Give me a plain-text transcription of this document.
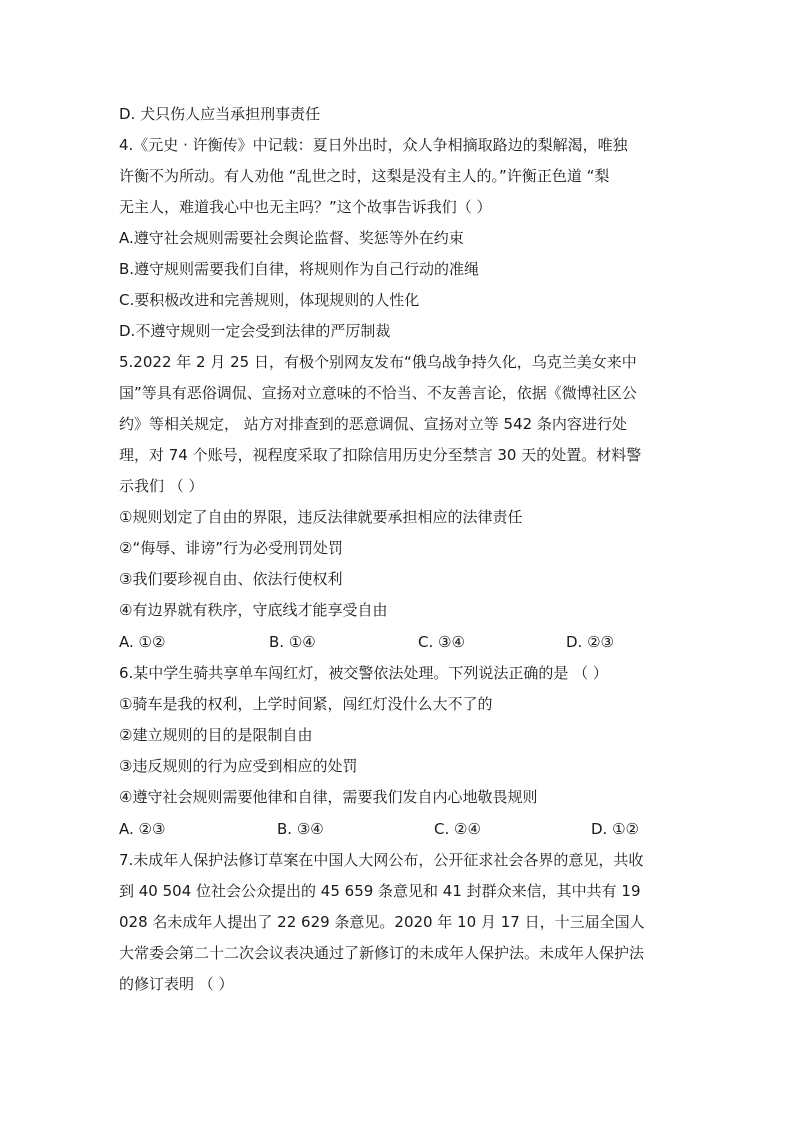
D. 犬只伤人应当承担刑事责任
4.《元史 · 许衡传》中记载：夏日外出时，众人争相摘取路边的梨解渴，唯独
许衡不为所动。有人劝他 “乱世之时，这梨是没有主人的。”许衡正色道 “梨
无主人，难道我心中也无主吗？”这个故事告诉我们（ ）
A.遵守社会规则需要社会舆论监督、奖惩等外在约束
B.遵守规则需要我们自律，将规则作为自己行动的准绳
C.要积极改进和完善规则，体现规则的人性化
D.不遵守规则一定会受到法律的严厉制裁
5.2022 年 2 月 25 日，有极个别网友发布“俄乌战争持久化，乌克兰美女来中
国”等具有恶俗调侃、宣扬对立意味的不恰当、不友善言论，依据《微博社区公
约》等相关规定， 站方对排查到的恶意调侃、宣扬对立等 542 条内容进行处
理，对 74 个账号，视程度采取了扣除信用历史分至禁言 30 天的处置。材料警
示我们 （ ）
①规则划定了自由的界限，违反法律就要承担相应的法律责任
②“侮辱、诽谤”行为必受刑罚处罚
③我们要珍视自由、依法行使权利
④有边界就有秩序，守底线才能享受自由
A. ①②	B. ①④	C. ③④	D. ②③
6.某中学生骑共享单车闯红灯，被交警依法处理。下列说法正确的是 （ ）
①骑车是我的权利，上学时间紧，闯红灯没什么大不了的
②建立规则的目的是限制自由
③违反规则的行为应受到相应的处罚
④遵守社会规则需要他律和自律，需要我们发自内心地敬畏规则
A. ②③	B. ③④	C. ②④	D. ①②
7.未成年人保护法修订草案在中国人大网公布，公开征求社会各界的意见，共收
到 40 504 位社会公众提出的 45 659 条意见和 41 封群众来信，其中共有 19
028 名未成年人提出了 22 629 条意见。2020 年 10 月 17 日，十三届全国人
大常委会第二十二次会议表决通过了新修订的未成年人保护法。未成年人保护法
的修订表明 （ ）
